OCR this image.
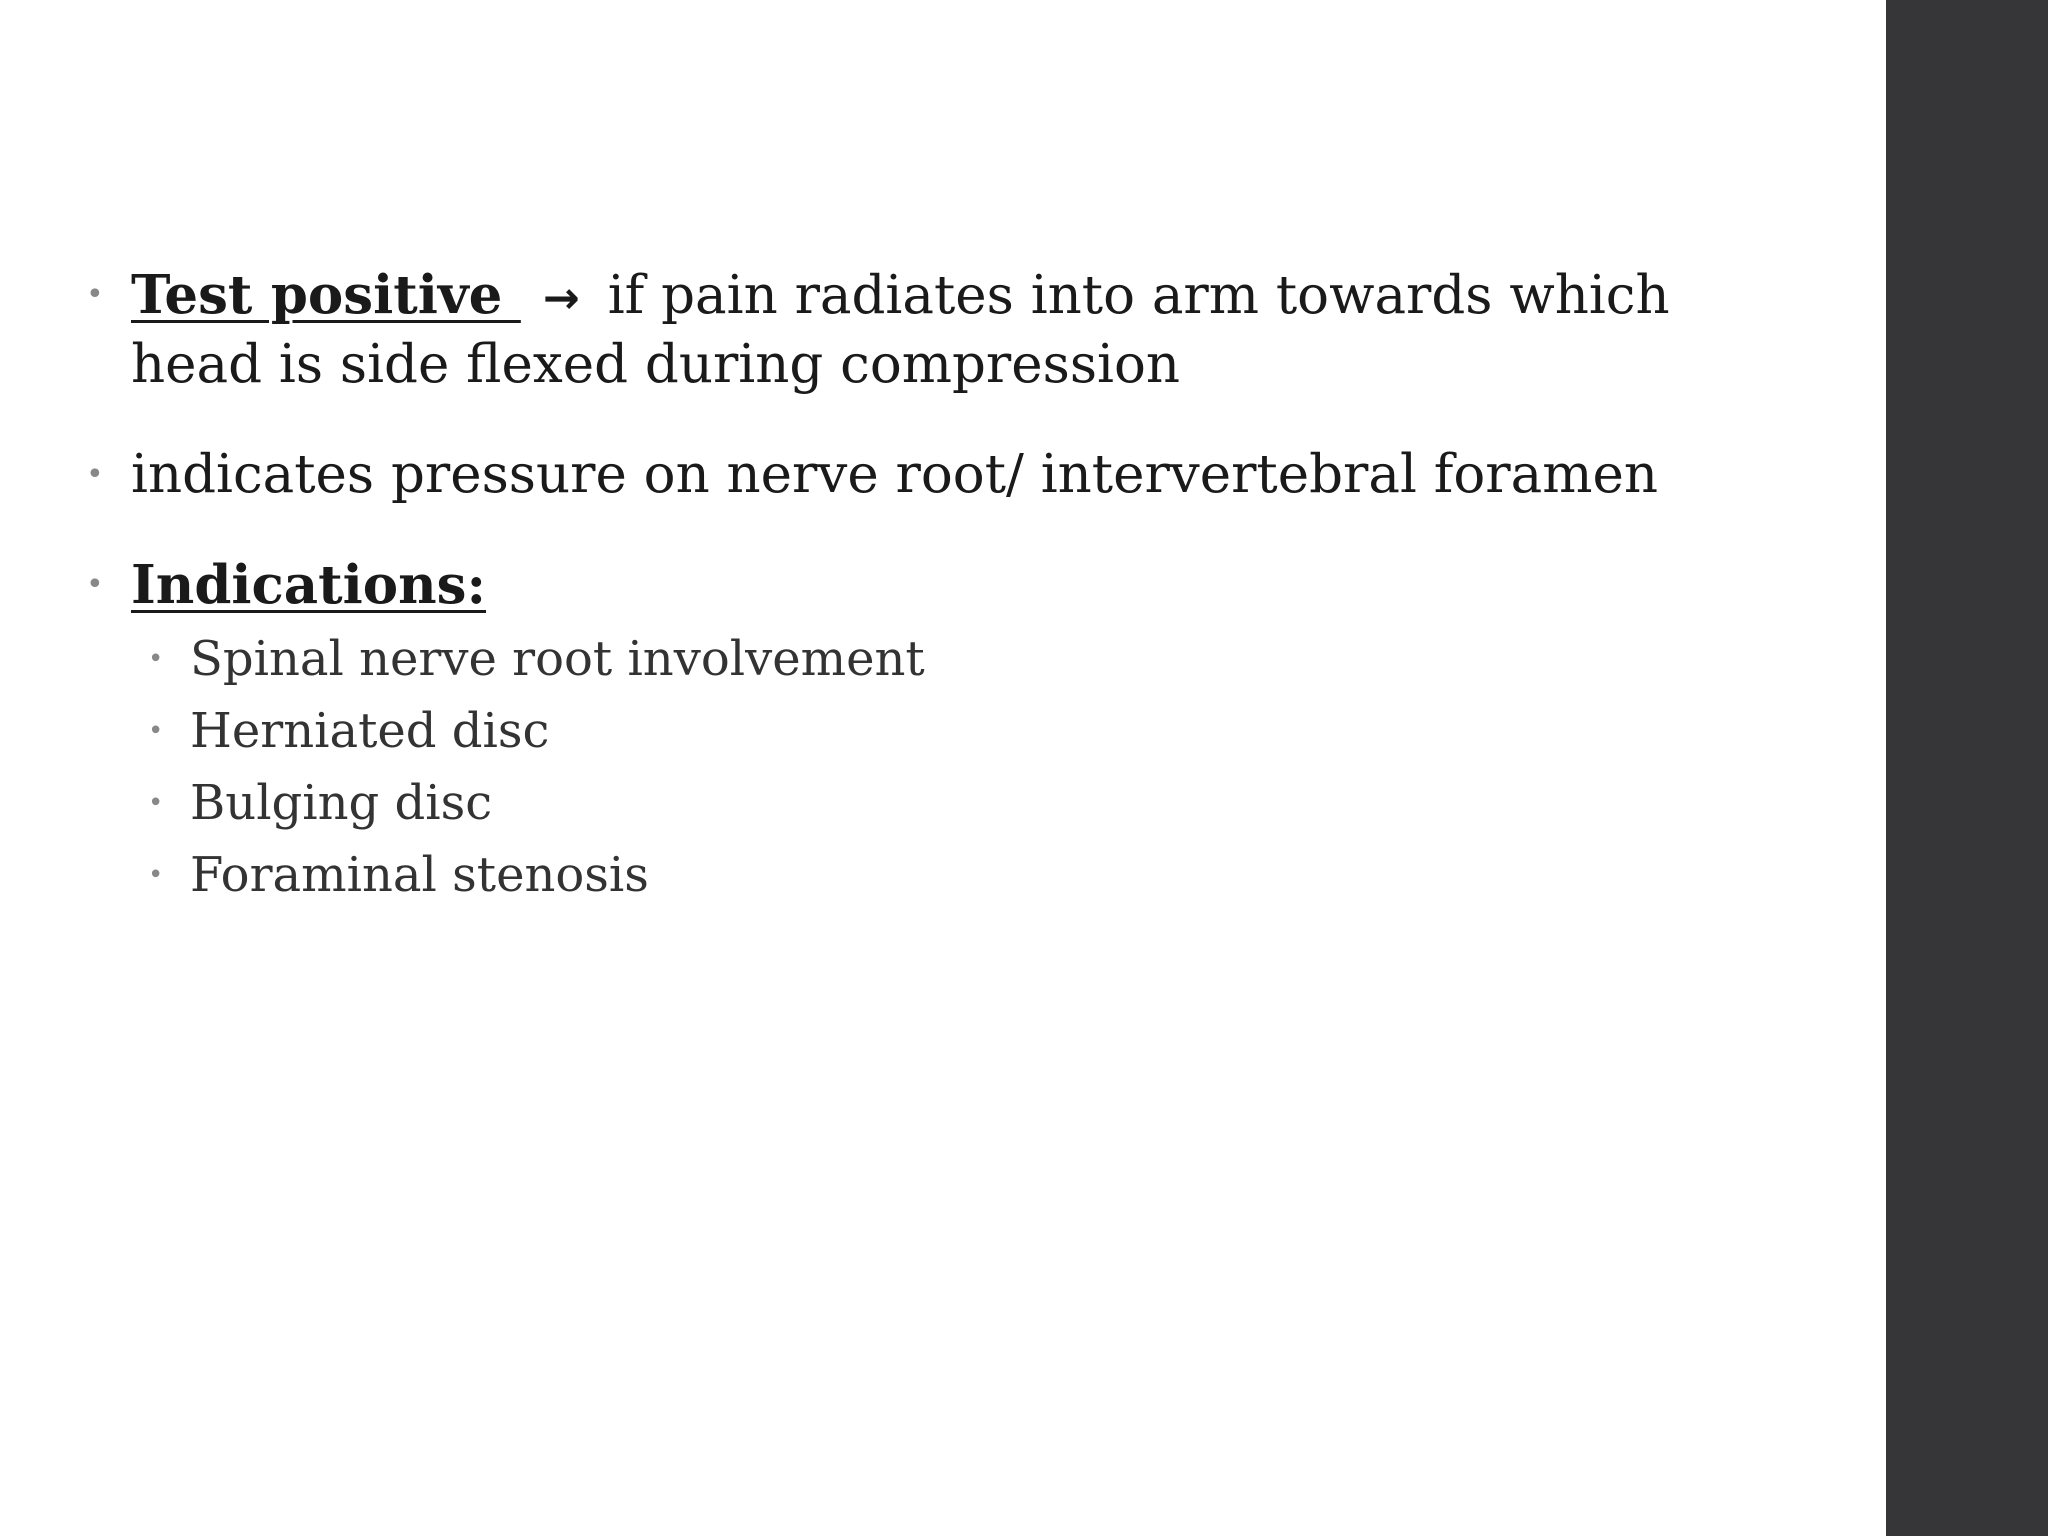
• Test positive → if pain radiates into arm towards which head is side flexed during compression
• indicates pressure on nerve root/ intervertebral foramen
• Indications:
• Spinal nerve root involvement
• Herniated disc
• Bulging disc
• Foraminal stenosis
